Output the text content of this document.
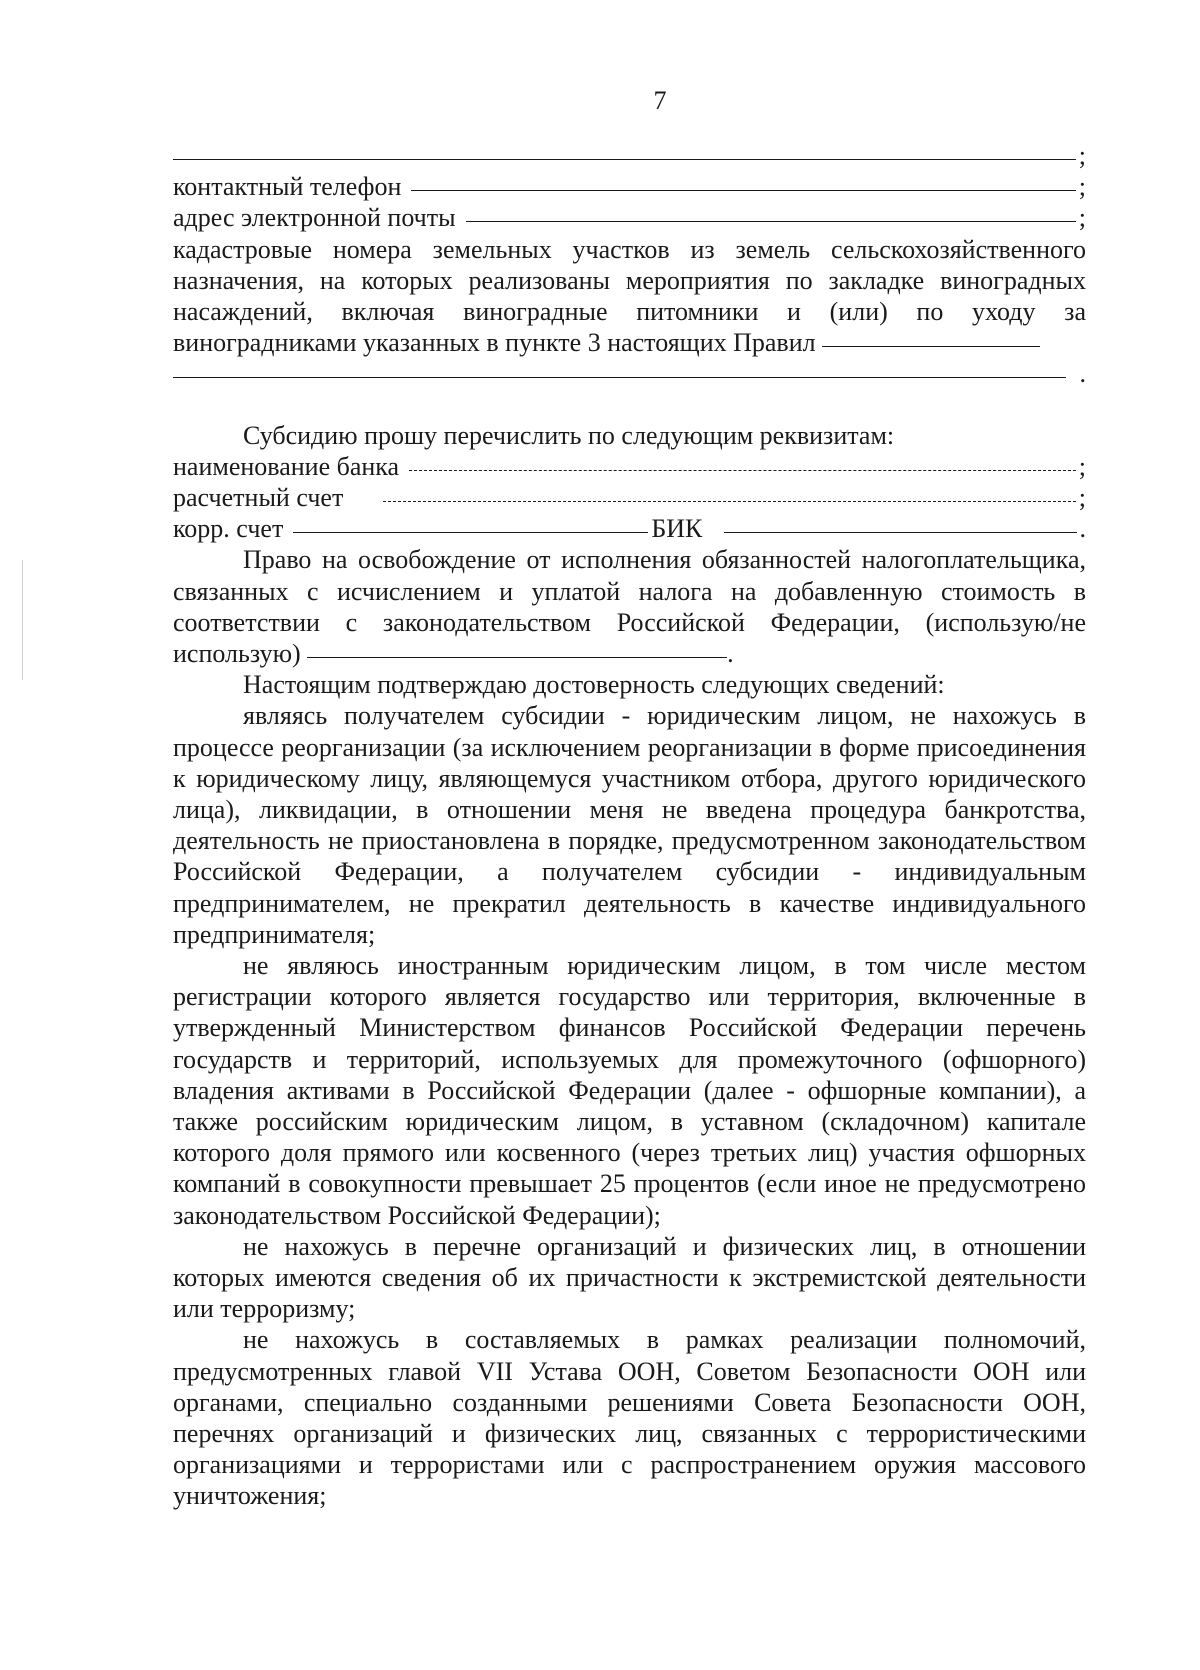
7
;
контактный телефон	;
адрес электронной почты	;

кадастровые номера земельных участков из земель сельскохозяйственного назначения, на которых реализованы мероприятия по закладке виноградных насаждений, включая виноградные питомники и (или) по уходу за виноградниками указанных в пункте 3 настоящих Правил

.

Субсидию прошу перечислить по следующим реквизитам:

наименование банка	;
расчетный счет	;
корр. счет	БИК	.

Право на освобождение от исполнения обязанностей налогоплательщика, связанных с исчислением и уплатой налога на добавленную стоимость в соответствии с законодательством Российской Федерации, (использую/не использую)	.

Настоящим подтверждаю достоверность следующих сведений:

являясь получателем субсидии - юридическим лицом, не нахожусь в процессе реорганизации (за исключением реорганизации в форме присоединения к юридическому лицу, являющемуся участником отбора, другого юридического лица), ликвидации, в отношении меня не введена процедура банкротства, деятельность не приостановлена в порядке, предусмотренном законодательством Российской Федерации, а получателем субсидии - индивидуальным предпринимателем, не прекратил деятельность в качестве индивидуального предпринимателя;

не являюсь иностранным юридическим лицом, в том числе местом регистрации которого является государство или территория, включенные в утвержденный Министерством финансов Российской Федерации перечень государств и территорий, используемых для промежуточного (офшорного) владения активами в Российской Федерации (далее - офшорные компании), а также российским юридическим лицом, в уставном (складочном) капитале которого доля прямого или косвенного (через третьих лиц) участия офшорных компаний в совокупности превышает 25 процентов (если иное не предусмотрено законодательством Российской Федерации);

не нахожусь в перечне организаций и физических лиц, в отношении которых имеются сведения об их причастности к экстремистской деятельности или терроризму;

не нахожусь в составляемых в рамках реализации полномочий, предусмотренных главой VII Устава ООН, Советом Безопасности ООН или органами, специально созданными решениями Совета Безопасности ООН, перечнях организаций и физических лиц, связанных с террористическими организациями и террористами или с распространением оружия массового уничтожения;
